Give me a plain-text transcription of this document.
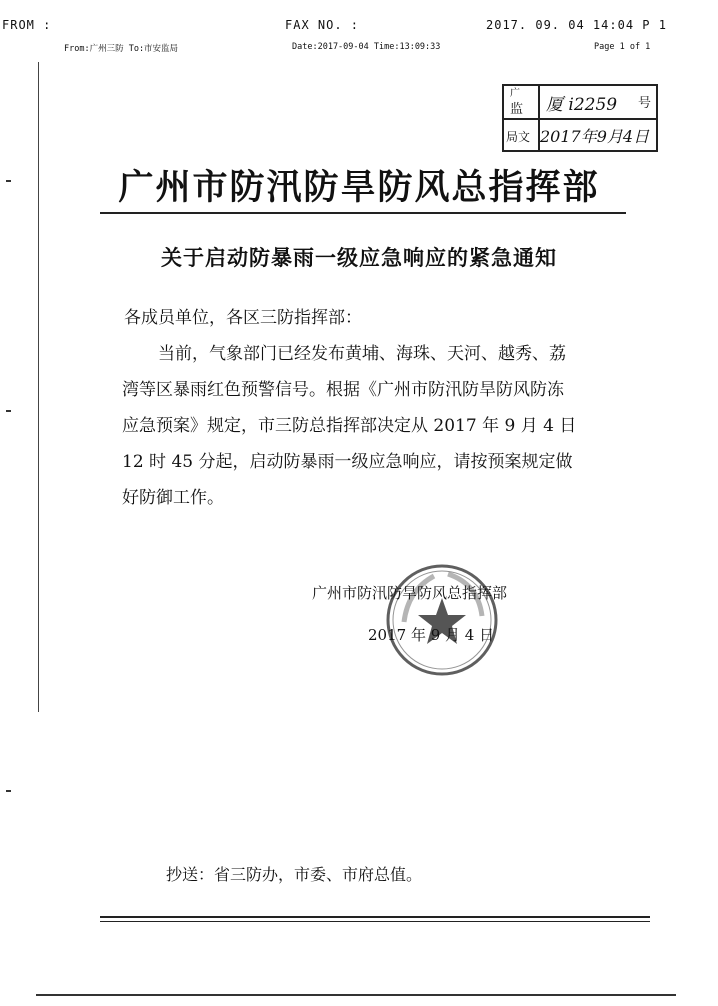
FROM :	FAX NO. :	2017. 09. 04 14:04 P 1
From:广州三防 To:市安监局	Date:2017-09-04 Time:13:09:33	Page 1 of 1
广
监 厦 i2259 号
局文 2017年9月4日
广州市防汛防旱防风总指挥部
关于启动防暴雨一级应急响应的紧急通知
各成员单位，各区三防指挥部：
当前，气象部门已经发布黄埔、海珠、天河、越秀、荔
湾等区暴雨红色预警信号。根据《广州市防汛防旱防风防冻
应急预案》规定，市三防总指挥部决定从 2017 年 9 月 4 日
12 时 45 分起，启动防暴雨一级应急响应，请按预案规定做
好防御工作。
广州市防汛防旱防风总指挥部
2017 年 9 月 4 日
抄送：省三防办，市委、市府总值。
